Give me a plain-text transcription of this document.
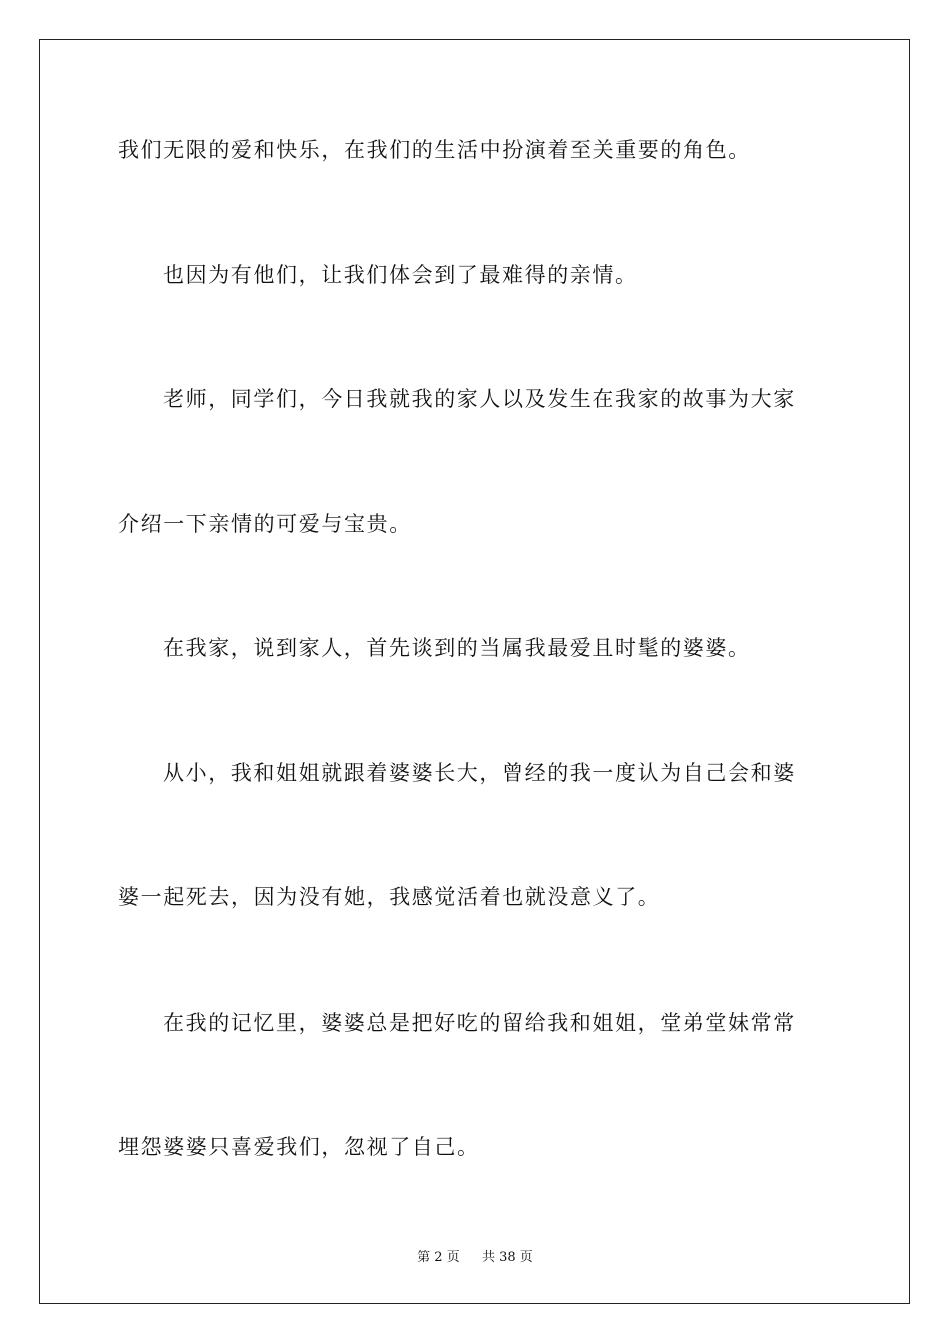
我们无限的爱和快乐，在我们的生活中扮演着至关重要的角色。
也因为有他们，让我们体会到了最难得的亲情。
老师，同学们，今日我就我的家人以及发生在我家的故事为大家
介绍一下亲情的可爱与宝贵。
在我家，说到家人，首先谈到的当属我最爱且时髦的婆婆。
从小，我和姐姐就跟着婆婆长大，曾经的我一度认为自己会和婆
婆一起死去，因为没有她，我感觉活着也就没意义了。
在我的记忆里，婆婆总是把好吃的留给我和姐姐，堂弟堂妹常常
埋怨婆婆只喜爱我们，忽视了自己。
第 2 页 共 38 页
